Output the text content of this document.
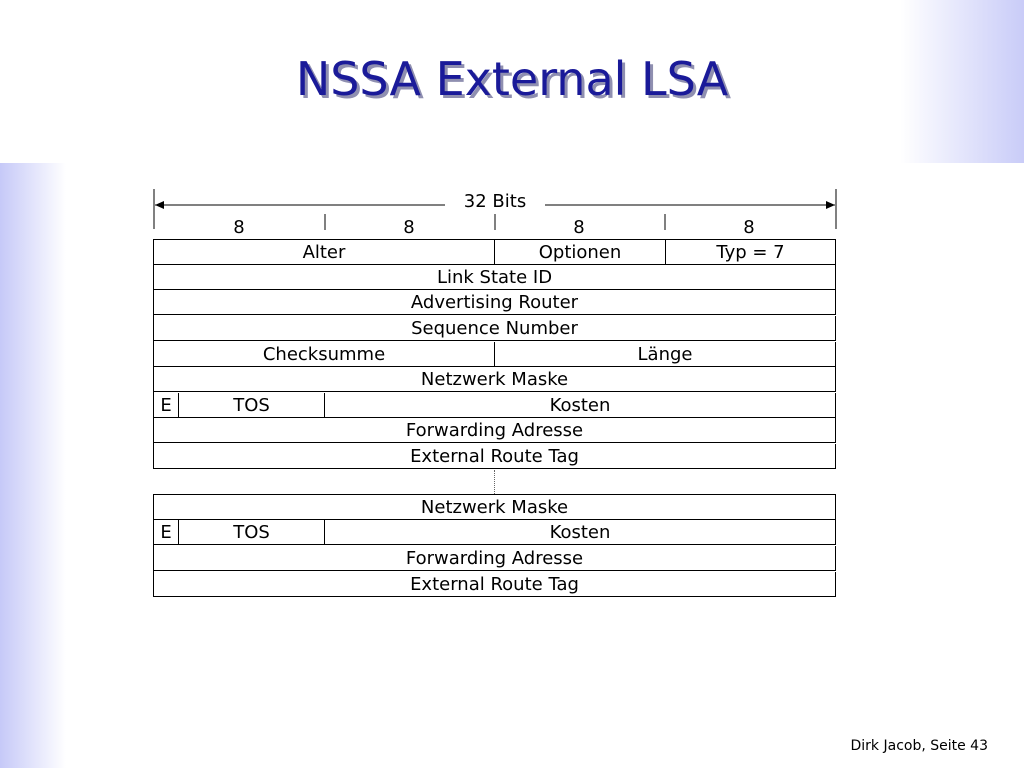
NSSA External LSA
32 Bits
8	8	8	8
Alter	Optionen	Typ = 7
Link State ID
Advertising Router
Sequence Number
Checksumme	Länge
Netzwerk Maske
E	TOS	Kosten
Forwarding Adresse
External Route Tag
Netzwerk Maske
E	TOS	Kosten
Forwarding Adresse
External Route Tag
Dirk Jacob, Seite 43
